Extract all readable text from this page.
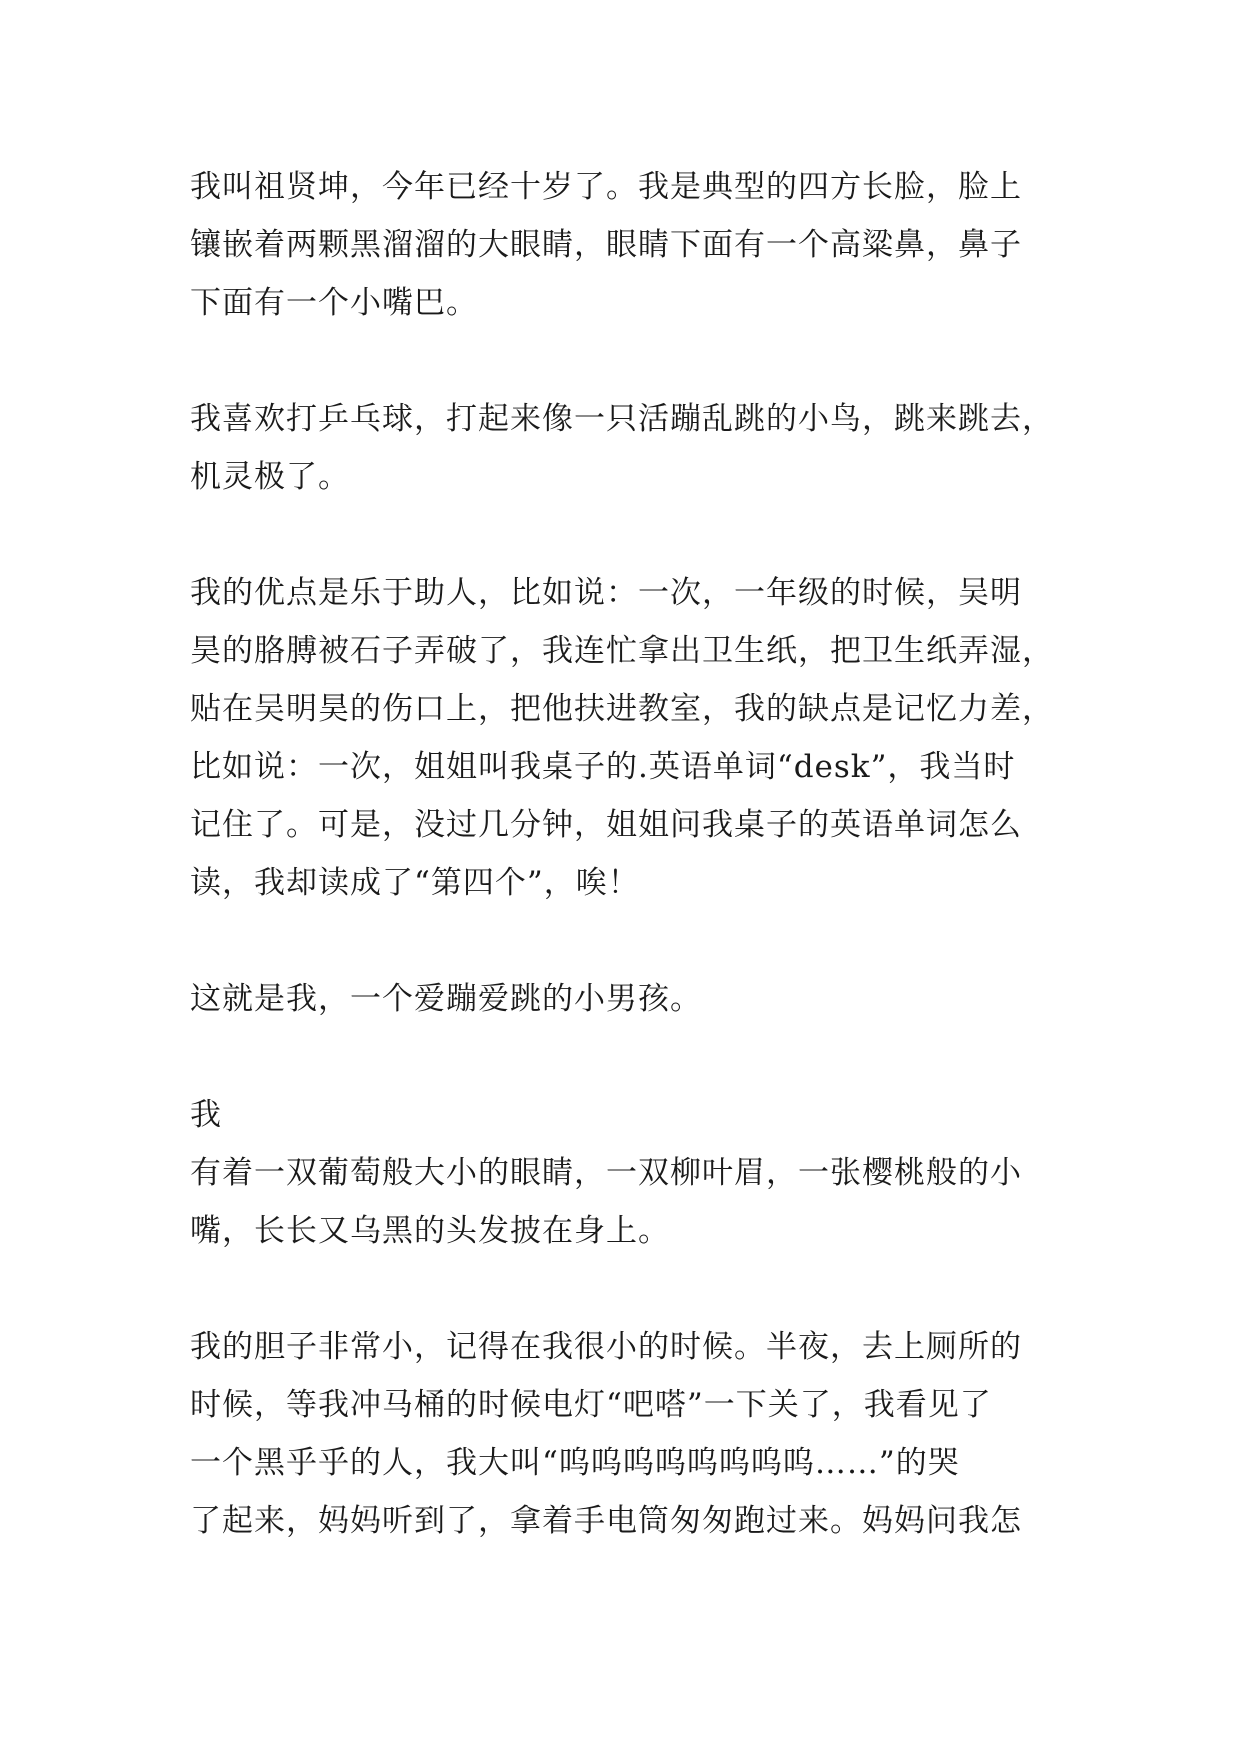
我叫祖贤坤，今年已经十岁了。我是典型的四方长脸，脸上
镶嵌着两颗黑溜溜的大眼睛，眼睛下面有一个高粱鼻，鼻子
下面有一个小嘴巴。

我喜欢打乒乓球，打起来像一只活蹦乱跳的小鸟，跳来跳去，
机灵极了。

我的优点是乐于助人，比如说：一次，一年级的时候，吴明
昊的胳膊被石子弄破了，我连忙拿出卫生纸，把卫生纸弄湿，
贴在吴明昊的伤口上，把他扶进教室，我的缺点是记忆力差，
比如说：一次，姐姐叫我桌子的.英语单词“desk”，我当时
记住了。可是，没过几分钟，姐姐问我桌子的英语单词怎么
读，我却读成了“第四个”，唉！

这就是我，一个爱蹦爱跳的小男孩。

我

有着一双葡萄般大小的眼睛，一双柳叶眉，一张樱桃般的小
嘴，长长又乌黑的头发披在身上。

我的胆子非常小，记得在我很小的时候。半夜，去上厕所的
时候，等我冲马桶的时候电灯“吧嗒”一下关了，我看见了
一个黑乎乎的人，我大叫“呜呜呜呜呜呜呜呜……”的哭
了起来，妈妈听到了，拿着手电筒匆匆跑过来。妈妈问我怎
